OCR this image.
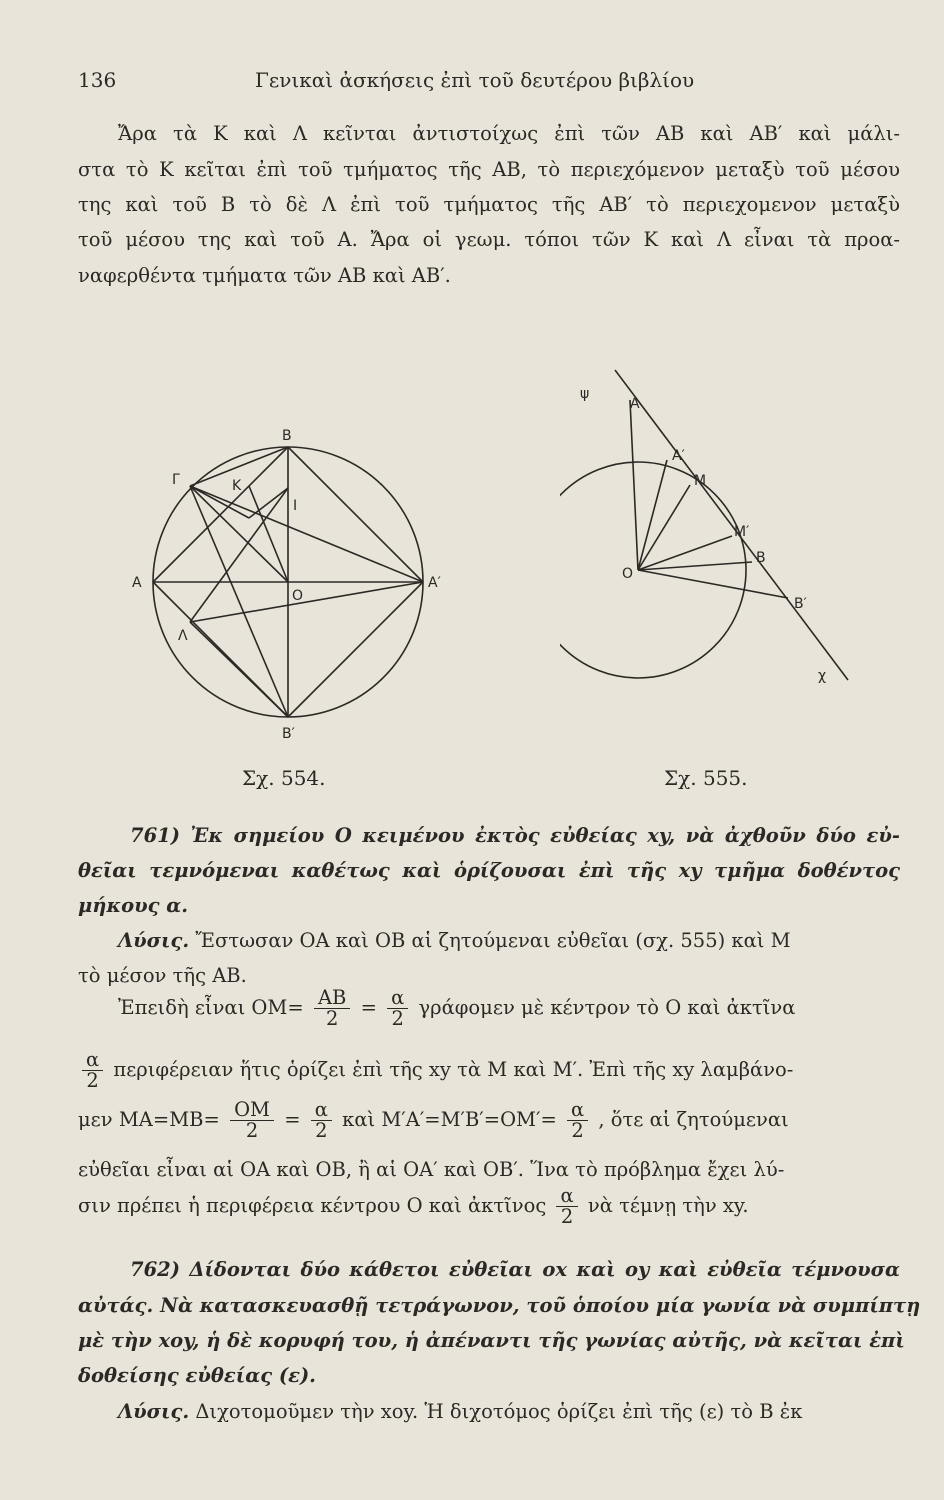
136	Γενικαὶ ἀσκήσεις ἐπὶ τοῦ δευτέρου βιβλίου
Ἄρα τὰ Κ καὶ Λ κεῖνται ἀντιστοίχως ἐπὶ τῶν ΑΒ καὶ ΑΒ′ καὶ μάλι-
στα τὸ Κ κεῖται ἐπὶ τοῦ τμήματος τῆς ΑΒ, τὸ περιεχόμενον μεταξὺ τοῦ μέσου
της καὶ τοῦ Β τὸ δὲ Λ ἐπὶ τοῦ τμήματος τῆς ΑΒ′ τὸ περιεχομενον μεταξὺ
τοῦ μέσου της καὶ τοῦ Α. Ἄρα οἱ γεωμ. τόποι τῶν Κ καὶ Λ εἶναι τὰ προα-
ναφερθέντα τμήματα τῶν ΑΒ καὶ ΑΒ′.
Β
Γ	Κ
Ι
Α
Ο
Α′
Λ
Β′
Σχ. 554.
ψ
Α
Α′
Μ
Μ′
Ο
Β
Β′
χ
Σχ. 555.
761) Ἐκ σημείου Ο κειμένου ἐκτὸς εὐθείας xy, νὰ ἀχθοῦν δύο εὐ-
θεῖαι τεμνόμεναι καθέτως καὶ ὁρίζουσαι ἐπὶ τῆς xy τμῆμα δοθέντος
μήκους α.
Λύσις. Ἔστωσαν ΟΑ καὶ ΟΒ αἱ ζητούμεναι εὐθεῖαι (σχ. 555) καὶ Μ
τὸ μέσον τῆς ΑΒ.
Ἐπειδὴ εἶναι $OM= \frac{AB}{2} = \frac{\alpha}{2}$ γράφομεν μὲ κέντρον τὸ Ο καὶ ἀκτῖνα
$\frac{\alpha}{2}$ περιφέρειαν ἥτις ὁρίζει ἐπὶ τῆς xy τὰ Μ καὶ Μ′. Ἐπὶ τῆς xy λαμβάνο-
μεν $MA=MB= \frac{OM}{2} = \frac{\alpha}{2}$ καὶ $M'A'=M'B'=OM'= \frac{\alpha}{2}$ , ὅτε αἱ ζητούμεναι
εὐθεῖαι εἶναι αἱ ΟΑ καὶ ΟΒ, ἢ αἱ ΟΑ′ καὶ ΟΒ′. Ἵνα τὸ πρόβλημα ἔχει λύ-
σιν πρέπει ἡ περιφέρεια κέντρου Ο καὶ ἀκτῖνος $\frac{\alpha}{2}$ νὰ τέμνῃ τὴν xy.
762) Δίδονται δύο κάθετοι εὐθεῖαι οx καὶ οy καὶ εὐθεῖα τέμνουσα
αὐτάς. Νὰ κατασκευασθῇ τετράγωνον, τοῦ ὁποίου μία γωνία νὰ συμπίπτῃ
μὲ τὴν xoy, ἡ δὲ κορυφή του, ἡ ἀπέναντι τῆς γωνίας αὐτῆς, νὰ κεῖται ἐπὶ
δοθείσης εὐθείας (ε).
Λύσις. Διχοτομοῦμεν τὴν xoy. Ἡ διχοτόμος ὁρίζει ἐπὶ τῆς (ε) τὸ Β ἐκ
